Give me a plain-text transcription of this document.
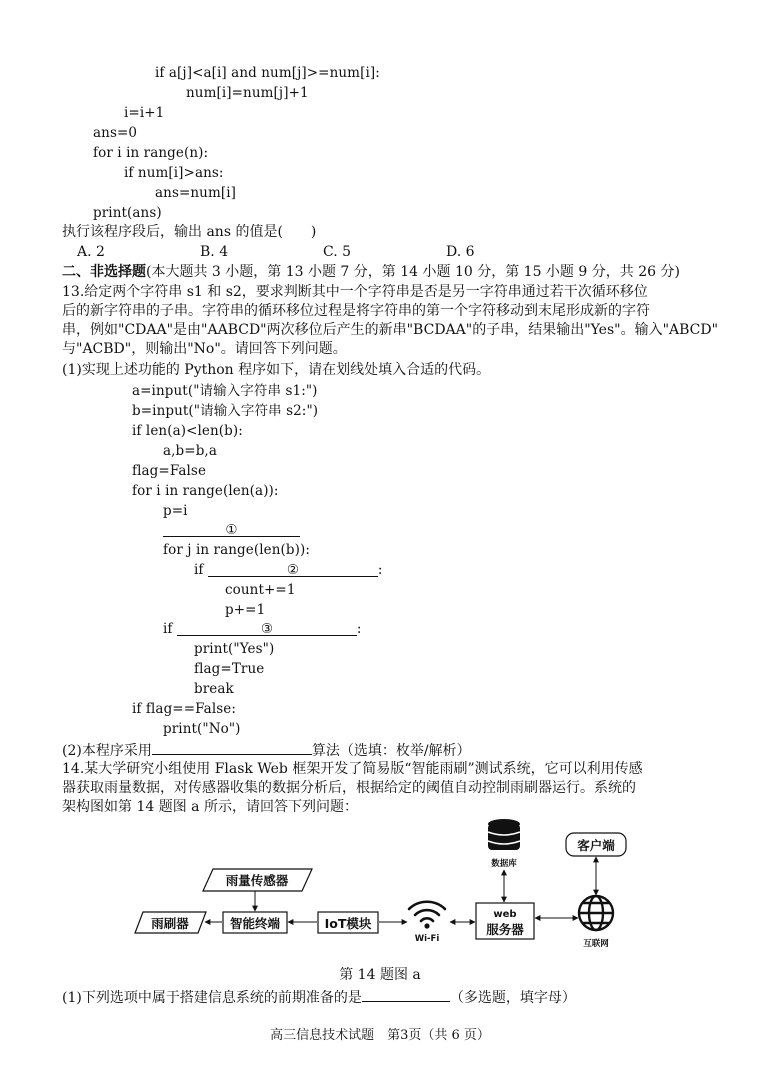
if a[j]<a[i] and num[j]>=num[i]:
num[i]=num[j]+1
i=i+1
ans=0
for i in range(n):
if num[i]>ans:
ans=num[i]
print(ans)
执行该程序段后，输出 ans 的值是(　　)
A. 2	B. 4	C. 5	D. 6
二、非选择题(本大题共 3 小题，第 13 小题 7 分，第 14 小题 10 分，第 15 小题 9 分，共 26 分)
13.给定两个字符串 s1 和 s2，要求判断其中一个字符串是否是另一字符串通过若干次循环移位
后的新字符串的子串。字符串的循环移位过程是将字符串的第一个字符移动到末尾形成新的字符
串，例如"CDAA"是由"AABCD"两次移位后产生的新串"BCDAA"的子串，结果输出"Yes"。输入"ABCD"
与"ACBD"，则输出"No"。请回答下列问题。
(1)实现上述功能的 Python 程序如下，请在划线处填入合适的代码。
a=input("请输入字符串 s1:")
b=input("请输入字符串 s2:")
if len(a)<len(b):
a,b=b,a
flag=False
for i in range(len(a)):
p=i
①
for j in range(len(b)):
if	②	:
count+=1
p+=1
if	③	:
print("Yes")
flag=True
break
if flag==False:
print("No")
(2)本程序采用	算法（选填：枚举/解析）
14.某大学研究小组使用 Flask Web 框架开发了简易版“智能雨刷”测试系统，它可以利用传感
器获取雨量数据，对传感器收集的数据分析后，根据给定的阈值自动控制雨刷器运行。系统的
架构图如第 14 题图 a 所示，请回答下列问题：
雨量传感器
雨刷器	智能终端	IoT模块
Wi-Fi
web
服务器
数据库
客户端
互联网
第 14 题图 a
(1)下列选项中属于搭建信息系统的前期准备的是	（多选题，填字母）
高三信息技术试题　第3页（共 6 页）
